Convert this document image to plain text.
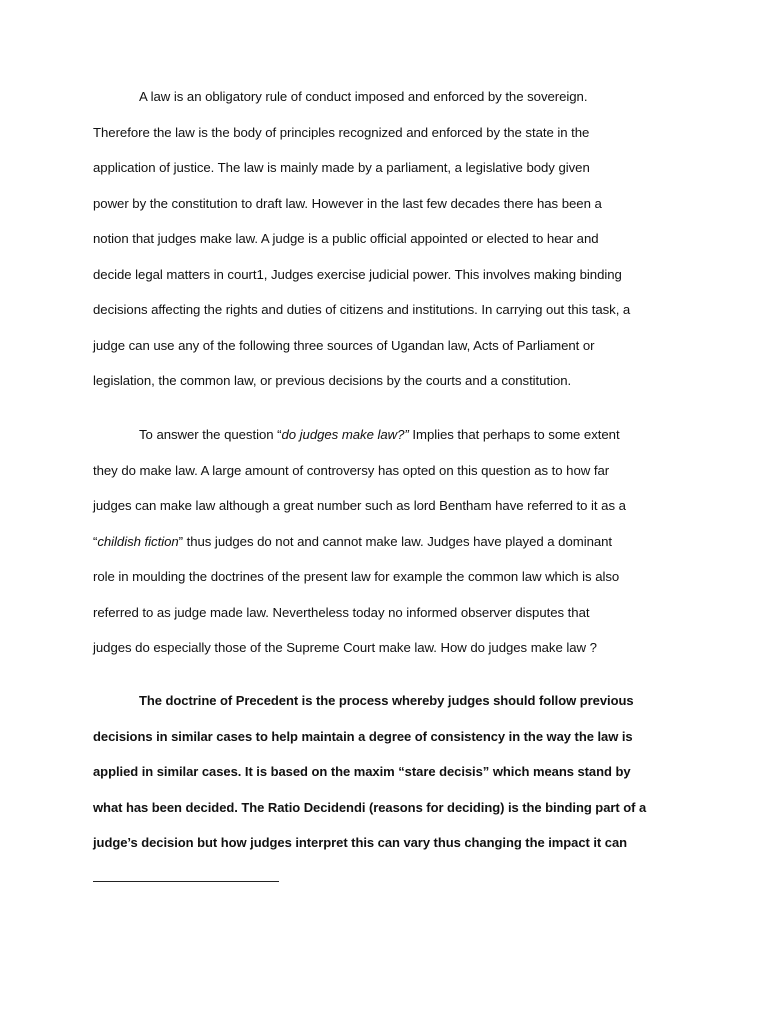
A law is an obligatory rule of conduct imposed and enforced by the sovereign.
Therefore the law is the body of principles recognized and enforced by the state in the
application of justice. The law is mainly made by a parliament, a legislative body given
power by the constitution to draft law. However in the last few decades there has been a
notion that judges make law. A judge is a public official appointed or elected to hear and
decide legal matters in court1, Judges exercise judicial power. This involves making binding
decisions affecting the rights and duties of citizens and institutions. In carrying out this task, a
judge can use any of the following three sources of Ugandan law, Acts of Parliament or
legislation, the common law, or previous decisions by the courts and a constitution.
To answer the question “do judges make law?” Implies that perhaps to some extent
they do make law. A large amount of controversy has opted on this question as to how far
judges can make law although a great number such as lord Bentham have referred to it as a
“childish fiction” thus judges do not and cannot make law. Judges have played a dominant
role in moulding the doctrines of the present law for example the common law which is also
referred to as judge made law. Nevertheless today no informed observer disputes that
judges do especially those of the Supreme Court make law. How do judges make law ?
The doctrine of Precedent is the process whereby judges should follow previous
decisions in similar cases to help maintain a degree of consistency in the way the law is
applied in similar cases. It is based on the maxim “stare decisis” which means stand by
what has been decided. The Ratio Decidendi (reasons for deciding) is the binding part of a
judge’s decision but how judges interpret this can vary thus changing the impact it can
